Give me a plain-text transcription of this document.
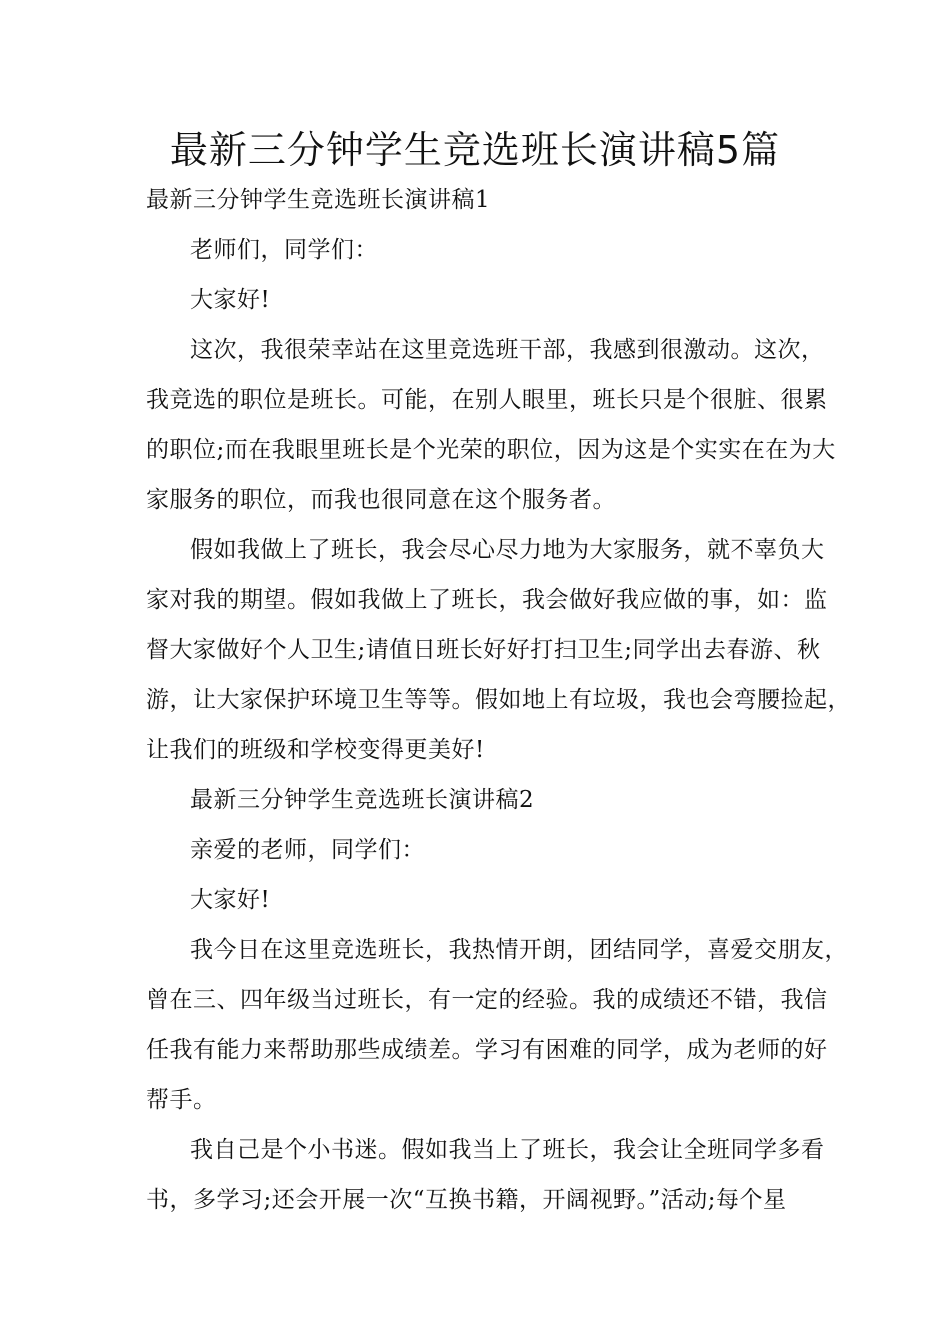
最新三分钟学生竞选班长演讲稿5篇
最新三分钟学生竞选班长演讲稿1
老师们，同学们：
大家好!
这次，我很荣幸站在这里竞选班干部，我感到很激动。这次，
我竞选的职位是班长。可能，在别人眼里，班长只是个很脏、很累
的职位;而在我眼里班长是个光荣的职位，因为这是个实实在在为大
家服务的职位，而我也很同意在这个服务者。
假如我做上了班长，我会尽心尽力地为大家服务，就不辜负大
家对我的期望。假如我做上了班长，我会做好我应做的事，如：监
督大家做好个人卫生;请值日班长好好打扫卫生;同学出去春游、秋
游，让大家保护环境卫生等等。假如地上有垃圾，我也会弯腰捡起，
让我们的班级和学校变得更美好!
最新三分钟学生竞选班长演讲稿2
亲爱的老师，同学们：
大家好!
我今日在这里竞选班长，我热情开朗，团结同学，喜爱交朋友，
曾在三、四年级当过班长，有一定的经验。我的成绩还不错，我信
任我有能力来帮助那些成绩差。学习有困难的同学，成为老师的好
帮手。
我自己是个小书迷。假如我当上了班长，我会让全班同学多看
书，多学习;还会开展一次“互换书籍，开阔视野。”活动;每个星
